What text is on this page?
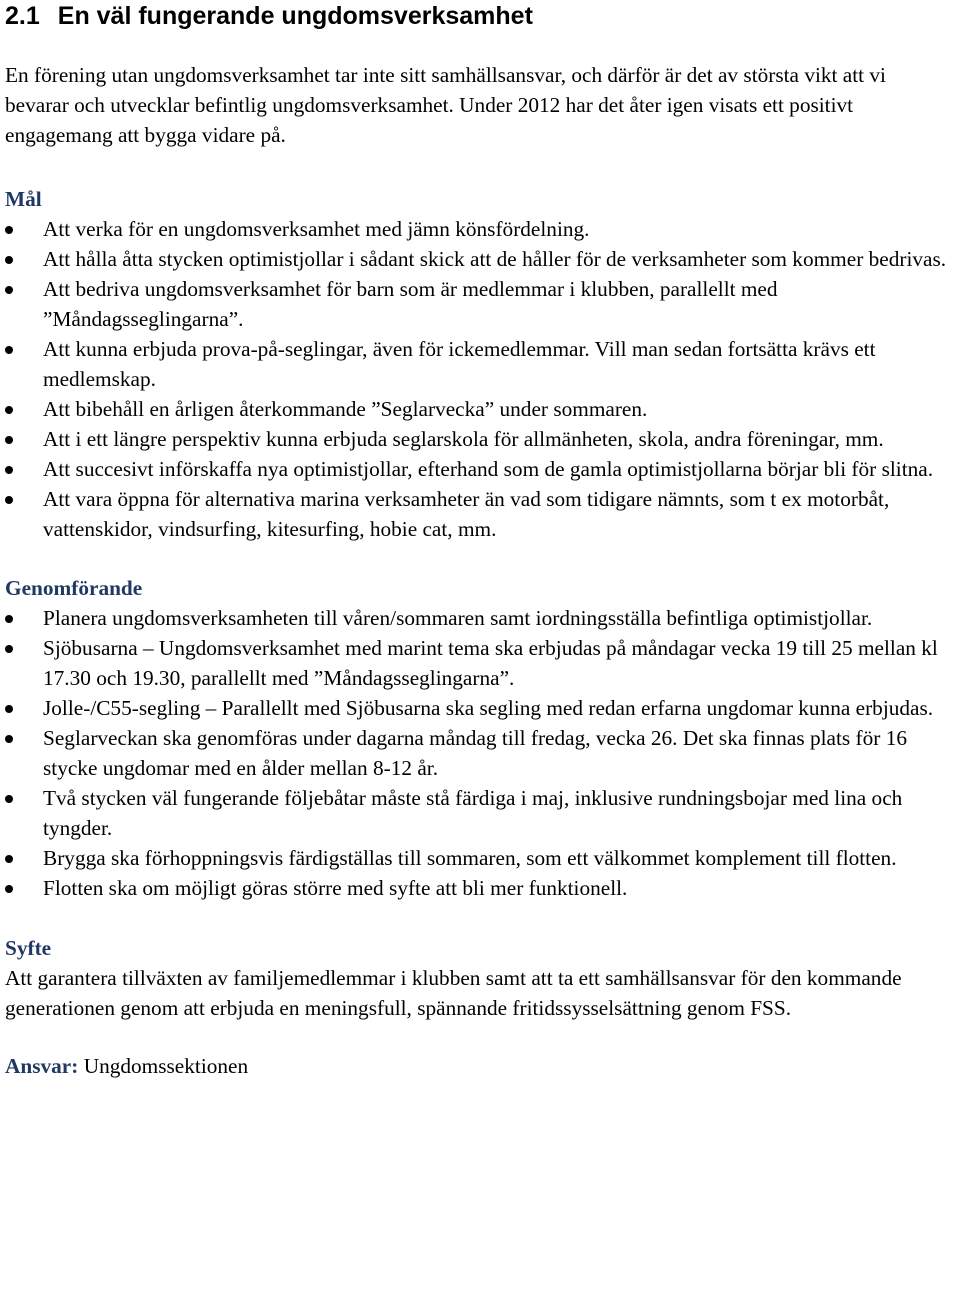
2.1 En väl fungerande ungdomsverksamhet

En förening utan ungdomsverksamhet tar inte sitt samhällsansvar, och därför är det av största vikt att vi bevarar och utvecklar befintlig ungdomsverksamhet. Under 2012 har det åter igen visats ett positivt engagemang att bygga vidare på.

Mål

Att verka för en ungdomsverksamhet med jämn könsfördelning.
Att hålla åtta stycken optimistjollar i sådant skick att de håller för de verksamheter som kommer bedrivas.
Att bedriva ungdomsverksamhet för barn som är medlemmar i klubben, parallellt med ”Måndagsseglingarna”.
Att kunna erbjuda prova-på-seglingar, även för ickemedlemmar. Vill man sedan fortsätta krävs ett medlemskap.
Att bibehåll en årligen återkommande ”Seglarvecka” under sommaren.
Att i ett längre perspektiv kunna erbjuda seglarskola för allmänheten, skola, andra föreningar, mm.
Att succesivt införskaffa nya optimistjollar, efterhand som de gamla optimistjollarna börjar bli för slitna.
Att vara öppna för alternativa marina verksamheter än vad som tidigare nämnts, som t ex motorbåt, vattenskidor, vindsurfing, kitesurfing, hobie cat, mm.

Genomförande

Planera ungdomsverksamheten till våren/sommaren samt iordningsställa befintliga optimistjollar.
Sjöbusarna – Ungdomsverksamhet med marint tema ska erbjudas på måndagar vecka 19 till 25 mellan kl 17.30 och 19.30, parallellt med ”Måndagsseglingarna”.
Jolle-/C55-segling – Parallellt med Sjöbusarna ska segling med redan erfarna ungdomar kunna erbjudas.
Seglarveckan ska genomföras under dagarna måndag till fredag, vecka 26. Det ska finnas plats för 16 stycke ungdomar med en ålder mellan 8-12 år.
Två stycken väl fungerande följebåtar måste stå färdiga i maj, inklusive rundningsbojar med lina och tyngder.
Brygga ska förhoppningsvis färdigställas till sommaren, som ett välkommet komplement till flotten.
Flotten ska om möjligt göras större med syfte att bli mer funktionell.

Syfte

Att garantera tillväxten av familjemedlemmar i klubben samt att ta ett samhällsansvar för den kommande generationen genom att erbjuda en meningsfull, spännande fritidssysselsättning genom FSS.

Ansvar: Ungdomssektionen
